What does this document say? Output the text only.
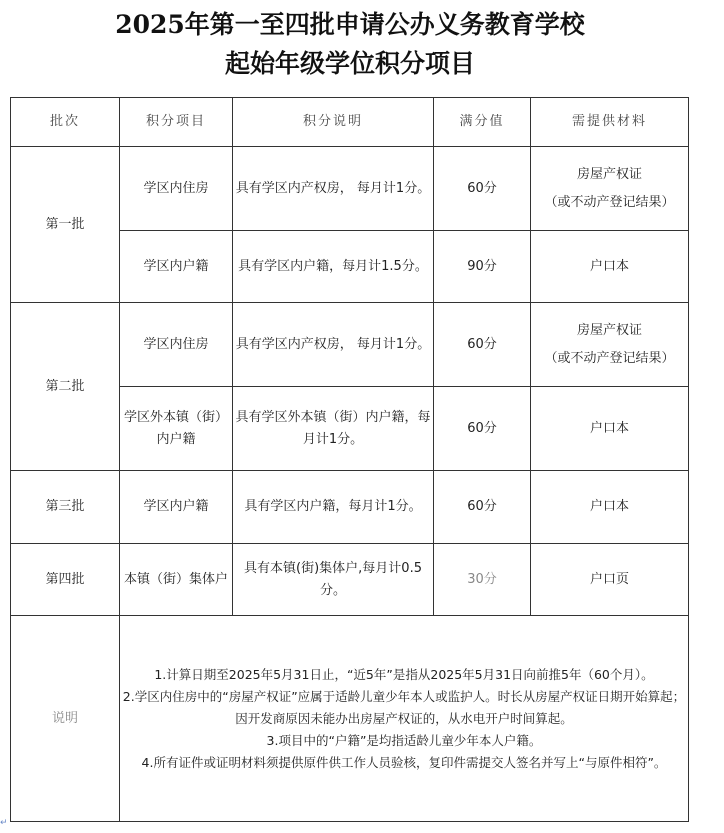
2025年第一至四批申请公办义务教育学校
起始年级学位积分项目
批次	积分项目	积分说明	满分值	需提供材料
第一批	学区内住房	具有学区内产权房， 每月计1分。	60分	房屋产权证
（或不动产登记结果）

	学区内户籍	具有学区内户籍，每月计1.5分。	90分	户口本
第二批	学区内住房	具有学区内产权房， 每月计1分。	60分	房屋产权证
（或不动产登记结果）

	学区外本镇（街）内户籍	具有学区外本镇（街）内户籍，每月计1分。	60分	户口本
第三批	学区内户籍	具有学区内户籍，每月计1分。	60分	户口本
第四批	本镇（街）集体户	具有本镇(街)集体户,每月计0.5分。	30分	户口页
说明	1.计算日期至2025年5月31日止，“近5年”是指从2025年5月31日向前推5年（60个月）。

2.学区内住房中的“房屋产权证”应属于适龄儿童少年本人或监护人。时长从房屋产权证日期开始算起；因开发商原因未能办出房屋产权证的，从水电开户时间算起。

3.项目中的“户籍”是均指适龄儿童少年本人户籍。

4.所有证件或证明材料须提供原件供工作人员验核，复印件需提交人签名并写上“与原件相符”。			

↵
